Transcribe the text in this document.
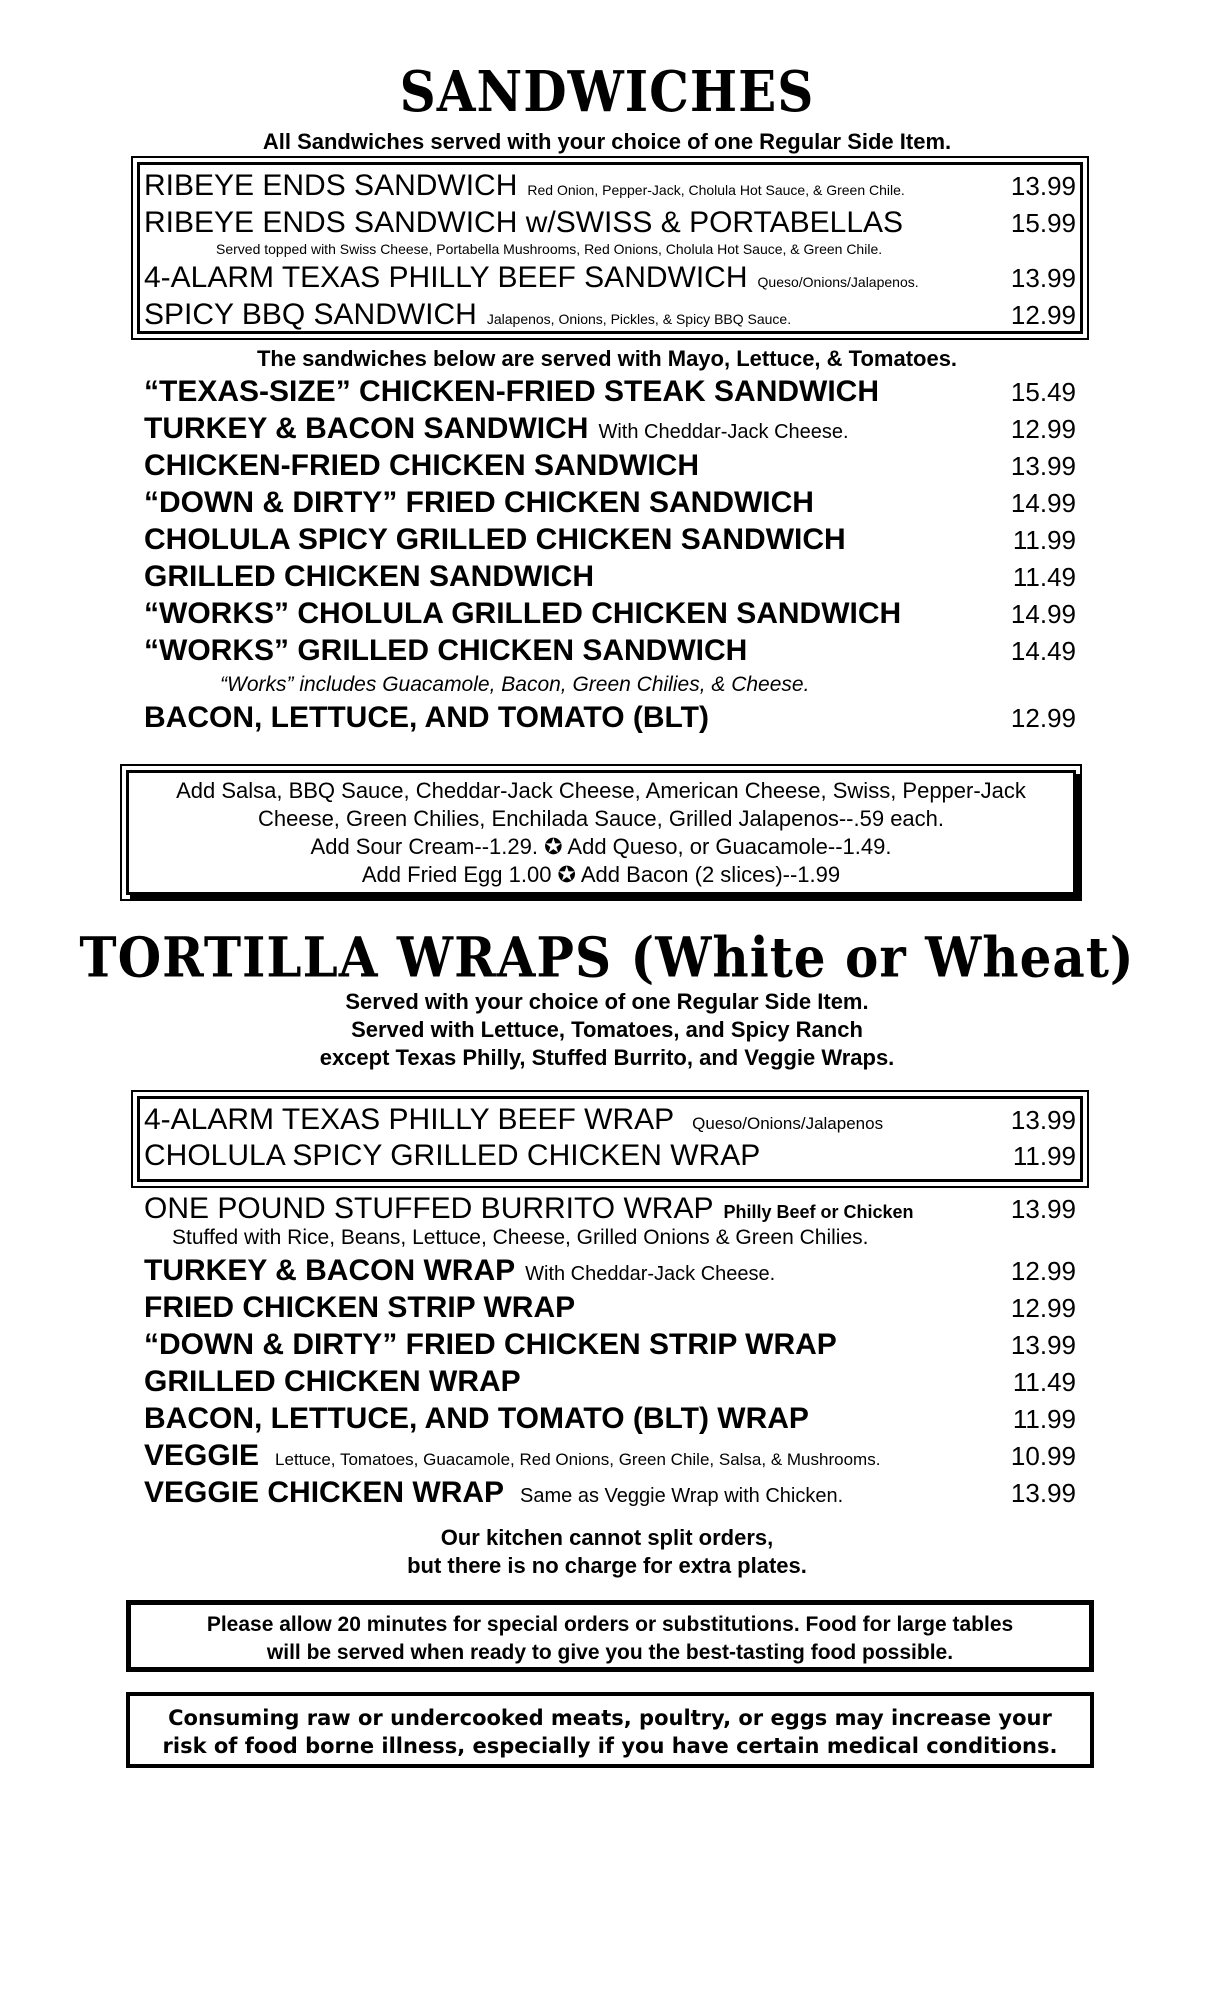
SANDWICHES

All Sandwiches served with your choice of one Regular Side Item.

RIBEYE ENDS SANDWICH Red Onion, Pepper-Jack, Cholula Hot Sauce, & Green Chile.	13.99
RIBEYE ENDS SANDWICH w/SWISS & PORTABELLAS	15.99
Served topped with Swiss Cheese, Portabella Mushrooms, Red Onions, Cholula Hot Sauce, & Green Chile.
4-ALARM TEXAS PHILLY BEEF SANDWICH Queso/Onions/Jalapenos.	13.99
SPICY BBQ SANDWICH Jalapenos, Onions, Pickles, & Spicy BBQ Sauce.	12.99

The sandwiches below are served with Mayo, Lettuce, & Tomatoes.

“TEXAS-SIZE” CHICKEN-FRIED STEAK SANDWICH	15.49
TURKEY & BACON SANDWICH With Cheddar-Jack Cheese.	12.99
CHICKEN-FRIED CHICKEN SANDWICH	13.99
“DOWN & DIRTY” FRIED CHICKEN SANDWICH	14.99
CHOLULA SPICY GRILLED CHICKEN SANDWICH	11.99
GRILLED CHICKEN SANDWICH	11.49
“WORKS” CHOLULA GRILLED CHICKEN SANDWICH	14.99
“WORKS” GRILLED CHICKEN SANDWICH	14.49
“Works” includes Guacamole, Bacon, Green Chilies, & Cheese.
BACON, LETTUCE, AND TOMATO (BLT)	12.99
Add Salsa, BBQ Sauce, Cheddar-Jack Cheese, American Cheese, Swiss, Pepper-Jack
Cheese, Green Chilies, Enchilada Sauce, Grilled Jalapenos--.59 each.
Add Sour Cream--1.29. ✪ Add Queso, or Guacamole--1.49.
Add Fried Egg 1.00 ✪ Add Bacon (2 slices)--1.99
TORTILLA WRAPS (White or Wheat)

Served with your choice of one Regular Side Item.

Served with Lettuce, Tomatoes, and Spicy Ranch

except Texas Philly, Stuffed Burrito, and Veggie Wraps.

4-ALARM TEXAS PHILLY BEEF WRAP Queso/Onions/Jalapenos	13.99
CHOLULA SPICY GRILLED CHICKEN WRAP	11.99
ONE POUND STUFFED BURRITO WRAP Philly Beef or Chicken	13.99
Stuffed with Rice, Beans, Lettuce, Cheese, Grilled Onions & Green Chilies.
TURKEY & BACON WRAP With Cheddar-Jack Cheese.	12.99
FRIED CHICKEN STRIP WRAP	12.99
“DOWN & DIRTY” FRIED CHICKEN STRIP WRAP	13.99
GRILLED CHICKEN WRAP	11.49
BACON, LETTUCE, AND TOMATO (BLT) WRAP	11.99
VEGGIE Lettuce, Tomatoes, Guacamole, Red Onions, Green Chile, Salsa, & Mushrooms.	10.99
VEGGIE CHICKEN WRAP Same as Veggie Wrap with Chicken.	13.99

Our kitchen cannot split orders,

but there is no charge for extra plates.

Please allow 20 minutes for special orders or substitutions. Food for large tables
will be served when ready to give you the best-tasting food possible.
Consuming raw or undercooked meats, poultry, or eggs may increase your
risk of food borne illness, especially if you have certain medical conditions.
